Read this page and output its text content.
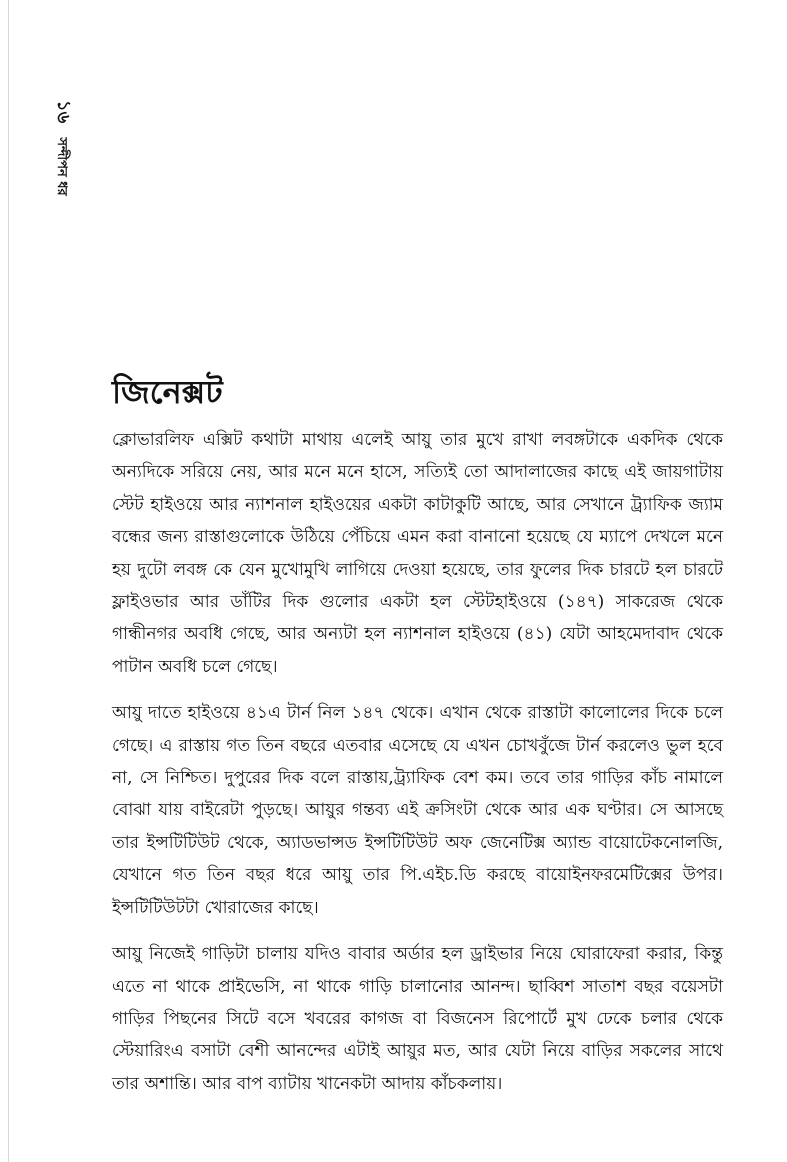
১৬
সন্দীপন ধর
জিনেক্সট

ক্লোভারলিফ এক্সিট কথাটা মাথায় এলেই আয়ু তার মুখে রাখা লবঙ্গটাকে একদিক থেকে অন্যদিকে সরিয়ে নেয়, আর মনে মনে হাসে, সত্যিই তো আদালাজের কাছে এই জায়গাটায় স্টেট হাইওয়ে আর ন্যাশনাল হাইওয়ের একটা কাটাকুটি আছে, আর সেখানে ট্র্যাফিক জ্যাম বন্ধের জন্য রাস্তাগুলোকে উঠিয়ে পেঁচিয়ে এমন করা বানানো হয়েছে যে ম্যাপে দেখলে মনে হয় দুটো লবঙ্গ কে যেন মুখোমুখি লাগিয়ে দেওয়া হয়েছে, তার ফুলের দিক চারটে হল চারটে ফ্লাইওভার আর ডাঁটির দিক গুলোর একটা হল স্টেটহাইওয়ে (১৪৭) সাকরেজ থেকে গান্ধীনগর অবধি গেছে, আর অন্যটা হল ন্যাশনাল হাইওয়ে (৪১) যেটা আহমেদাবাদ থেকে পাটান অবধি চলে গেছে।

আয়ু দাতে হাইওয়ে ৪১এ টার্ন নিল ১৪৭ থেকে। এখান থেকে রাস্তাটা কালোলের দিকে চলে গেছে। এ রাস্তায় গত তিন বছরে এতবার এসেছে যে এখন চোখবুঁজে টার্ন করলেও ভুল হবে না, সে নিশ্চিত। দুপুরের দিক বলে রাস্তায়,ট্র্যাফিক বেশ কম। তবে তার গাড়ির কাঁচ নামালে বোঝা যায় বাইরেটা পুড়ছে। আয়ুর গন্তব্য এই ক্রসিংটা থেকে আর এক ঘণ্টার। সে আসছে তার ইন্সটিটিউট থেকে, অ্যাডভান্সড ইন্সটিটিউট অফ জেনেটিক্স অ্যান্ড বায়োটেকনোলজি, যেখানে গত তিন বছর ধরে আয়ু তার পি.এইচ.ডি করছে বায়োইনফরমেটিক্সের উপর। ইন্সটিটিউটটা খোরাজের কাছে।

আয়ু নিজেই গাড়িটা চালায় যদিও বাবার অর্ডার হল ড্রাইভার নিয়ে ঘোরাফেরা করার, কিন্তু এতে না থাকে প্রাইভেসি, না থাকে গাড়ি চালানোর আনন্দ। ছাব্বিশ সাতাশ বছর বয়েসটা গাড়ির পিছনের সিটে বসে খবরের কাগজ বা বিজনেস রিপোর্টে মুখ ঢেকে চলার থেকে স্টেয়ারিংএ বসাটা বেশী আনন্দের এটাই আয়ুর মত, আর যেটা নিয়ে বাড়ির সকলের সাথে তার অশান্তি। আর বাপ ব্যাটায় খানেকটা আদায় কাঁচকলায়।
